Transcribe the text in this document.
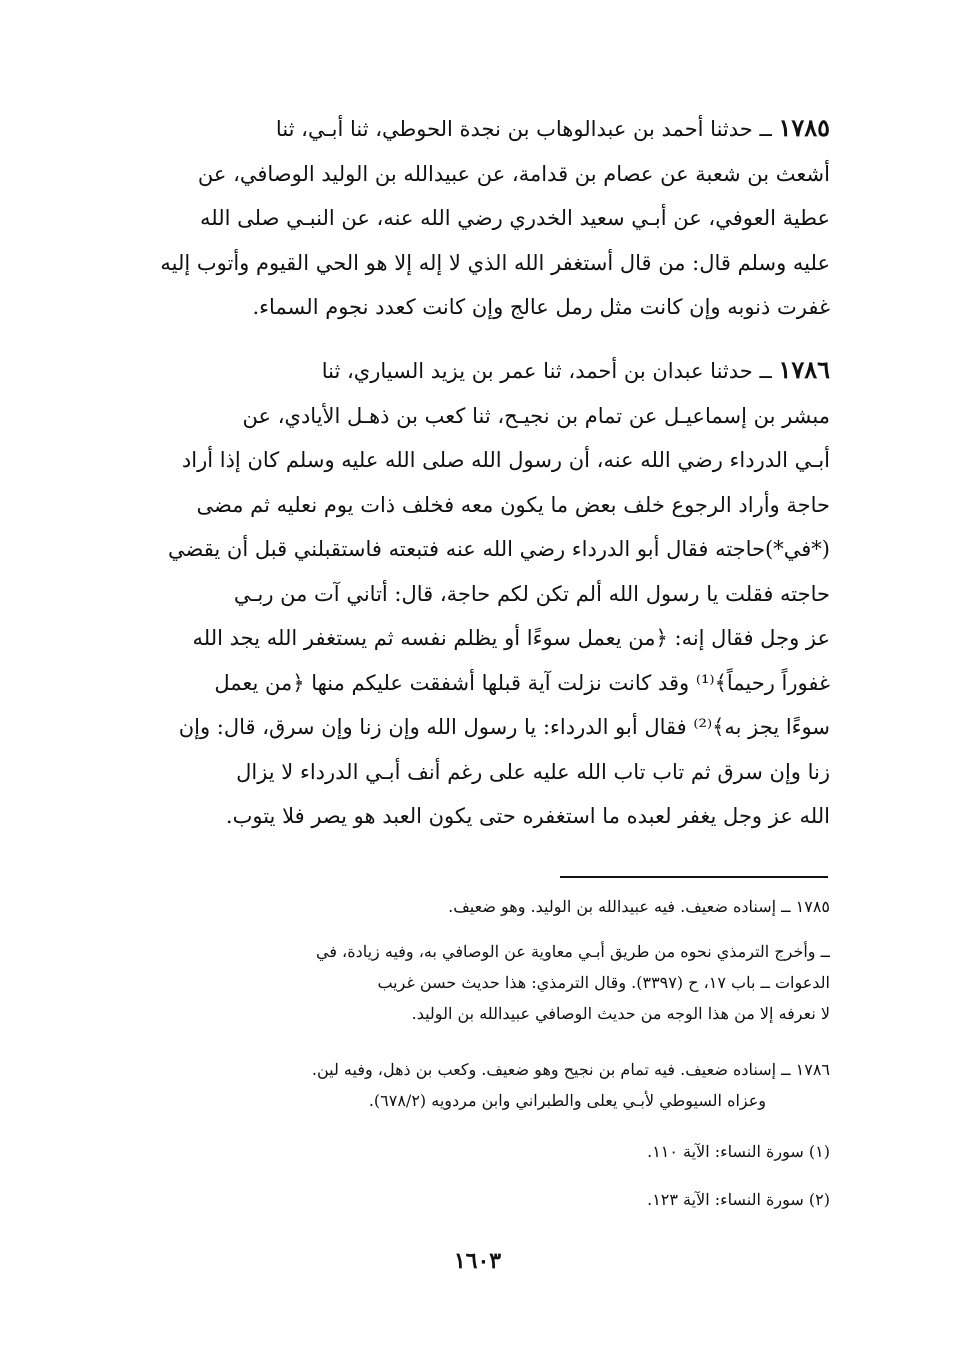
١٧٨٥ ــ حدثنا أحمد بن عبدالوهاب بن نجدة الحوطي، ثنا أبـي، ثنا
أشعث بن شعبة عن عصام بن قدامة، عن عبيدالله بن الوليد الوصافي، عن
عطية العوفي، عن أبـي سعيد الخدري رضي الله عنه، عن النبـي صلى الله
عليه وسلم قال: من قال أستغفر الله الذي لا إله إلا هو الحي القيوم وأتوب إليه
غفرت ذنوبه وإن كانت مثل رمل عالج وإن كانت كعدد نجوم السماء.
١٧٨٦ ــ حدثنا عبدان بن أحمد، ثنا عمر بن يزيد السياري، ثنا
مبشر بن إسماعيـل عن تمام بن نجيـح، ثنا كعب بن ذهـل الأيادي، عن
أبـي الدرداء رضي الله عنه، أن رسول الله صلى الله عليه وسلم كان إذا أراد
حاجة وأراد الرجوع خلف بعض ما يكون معه فخلف ذات يوم نعليه ثم مضى
(*في*)حاجته فقال أبو الدرداء رضي الله عنه فتبعته فاستقبلني قبل أن يقضي
حاجته فقلت يا رسول الله ألم تكن لكم حاجة، قال: أتاني آت من ربـي
عز وجل فقال إنه: ﴿من يعمل سوءًا أو يظلم نفسه ثم يستغفر الله يجد الله
غفوراً رحيماً﴾⁽¹⁾ وقد كانت نزلت آية قبلها أشفقت عليكم منها ﴿من يعمل
سوءًا يجز به﴾⁽²⁾ فقال أبو الدرداء: يا رسول الله وإن زنا وإن سرق، قال: وإن
زنا وإن سرق ثم تاب تاب الله عليه على رغم أنف أبـي الدرداء لا يزال
الله عز وجل يغفر لعبده ما استغفره حتى يكون العبد هو يصر فلا يتوب.
١٧٨٥ ــ إسناده ضعيف. فيه عبيدالله بن الوليد. وهو ضعيف.
ــ وأخرج الترمذي نحوه من طريق أبـي معاوية عن الوصافي به، وفيه زيادة، في
الدعوات ــ باب ١٧، ح (٣٣٩٧). وقال الترمذي: هذا حديث حسن غريب
لا نعرفه إلا من هذا الوجه من حديث الوصافي عبيدالله بن الوليد.
١٧٨٦ ــ إسناده ضعيف. فيه تمام بن نجيح وهو ضعيف. وكعب بن ذهل، وفيه لين.
وعزاه السيوطي لأبـي يعلى والطبراني وابن مردويه (٦٧٨/٢).
(١) سورة النساء: الآية ١١٠.
(٢) سورة النساء: الآية ١٢٣.
١٦٠٣
